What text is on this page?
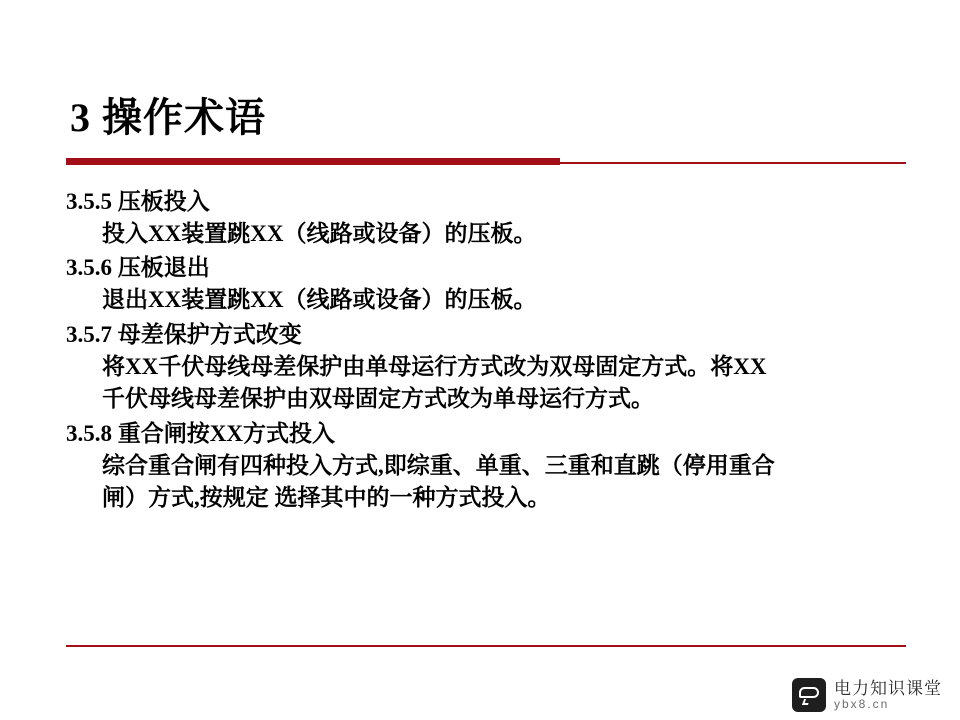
3 操作术语
3.5.5 压板投入
投入XX装置跳XX（线路或设备）的压板。
3.5.6 压板退出
退出XX装置跳XX（线路或设备）的压板。
3.5.7 母差保护方式改变
将XX千伏母线母差保护由单母运行方式改为双母固定方式。将XX
千伏母线母差保护由双母固定方式改为单母运行方式。
3.5.8 重合闸按XX方式投入
综合重合闸有四种投入方式,即综重、单重、三重和直跳（停用重合
闸）方式,按规定 选择其中的一种方式投入。
电力知识课堂
ybx8.cn
